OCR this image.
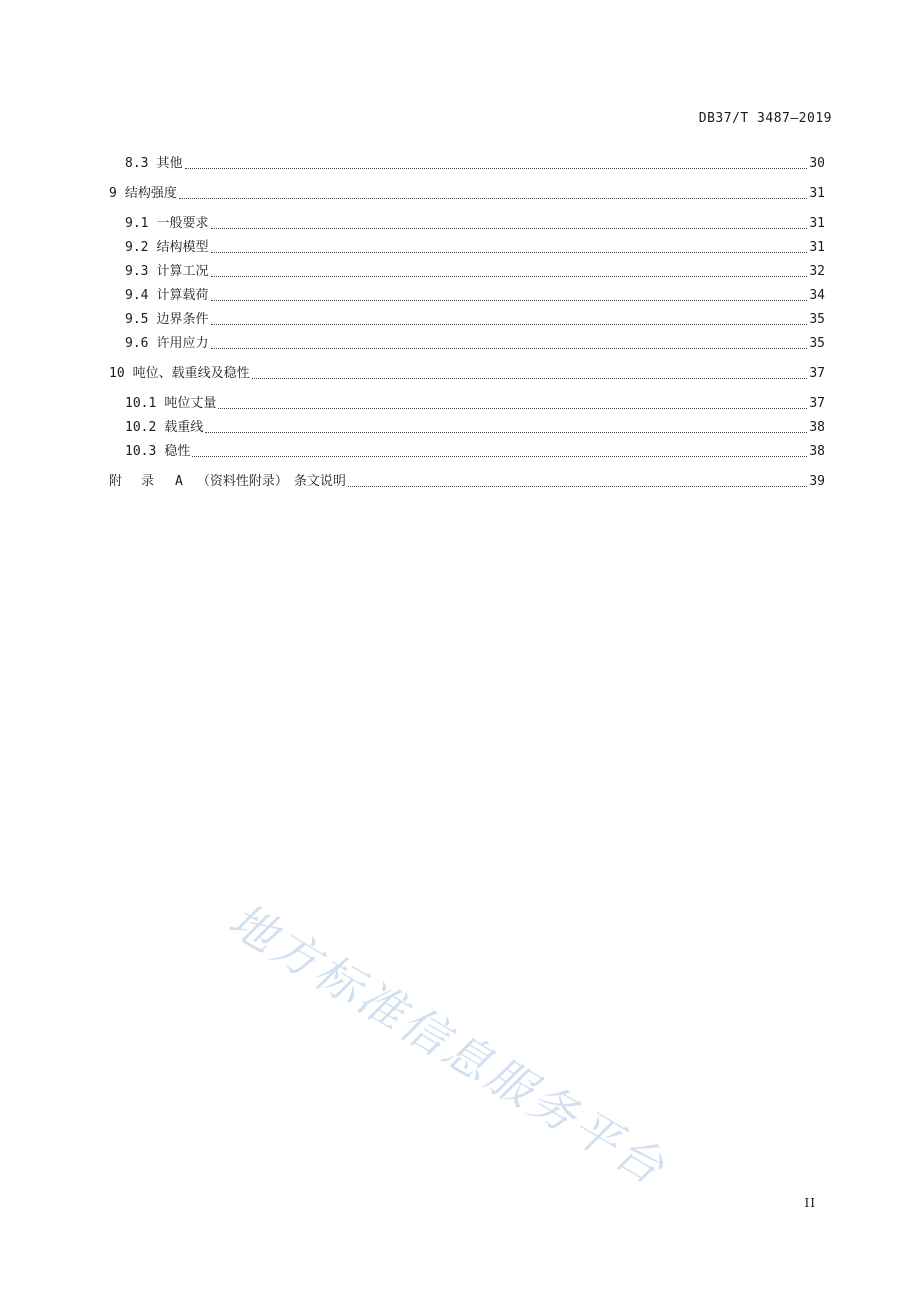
DB37/T 3487—2019
8.3 其他	30
9 结构强度	31
9.1 一般要求	31
9.2 结构模型	31
9.3 计算工况	32
9.4 计算载荷	34
9.5 边界条件	35
9.6 许用应力	35
10 吨位、载重线及稳性	37
10.1 吨位丈量	37
10.2 载重线	38
10.3 稳性	38
附录 A （资料性附录） 条文说明	39
地方标准信息服务平台
II
